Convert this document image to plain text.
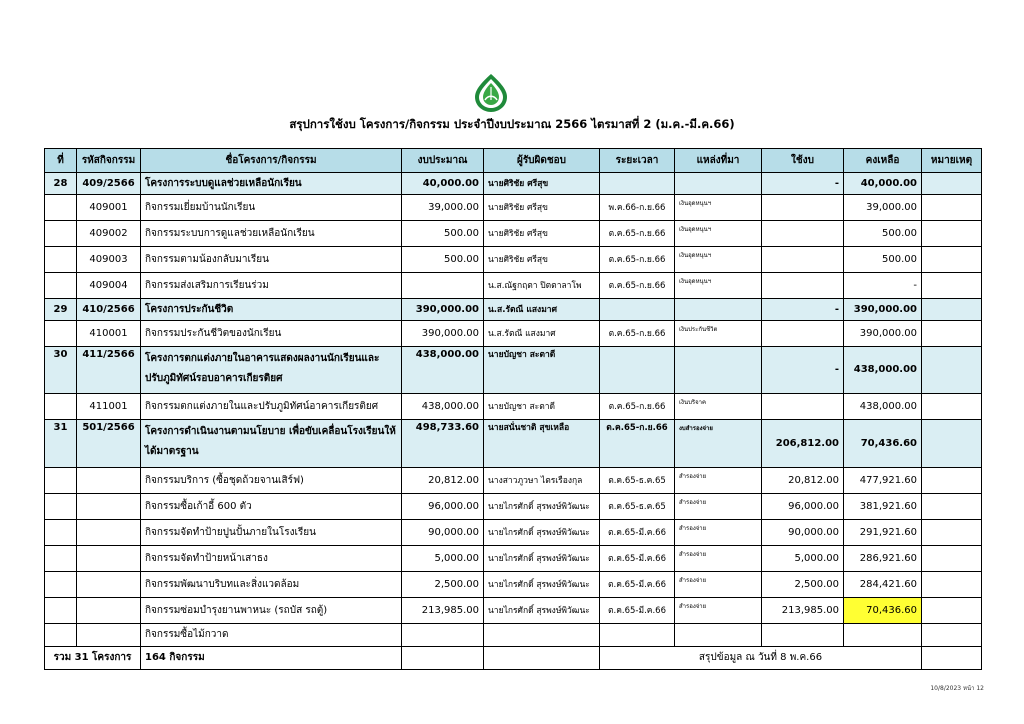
สรุปการใช้งบ โครงการ/กิจกรรม ประจำปีงบประมาณ 2566 ไตรมาสที่ 2 (ม.ค.-มี.ค.66)
ที่	รหัสกิจกรรม	ชื่อโครงการ/กิจกรรม	งบประมาณ	ผู้รับผิดชอบ	ระยะเวลา	แหล่งที่มา	ใช้งบ	คงเหลือ	หมายเหตุ
28	409/2566	โครงการระบบดูแลช่วยเหลือนักเรียน	40,000.00	นายศิริชัย ศรีสุข			-	40,000.00	
	409001	กิจกรรมเยี่ยมบ้านนักเรียน	39,000.00	นายศิริชัย ศรีสุข	พ.ค.66-ก.ย.66	เงินอุดหนุนฯ		39,000.00	
	409002	กิจกรรมระบบการดูแลช่วยเหลือนักเรียน	500.00	นายศิริชัย ศรีสุข	ต.ค.65-ก.ย.66	เงินอุดหนุนฯ		500.00	
	409003	กิจกรรมตามน้องกลับมาเรียน	500.00	นายศิริชัย ศรีสุข	ต.ค.65-ก.ย.66	เงินอุดหนุนฯ		500.00	
	409004	กิจกรรมส่งเสริมการเรียนร่วม		น.ส.ณัฐกฤตา ปิตตาลาโพ	ต.ค.65-ก.ย.66	เงินอุดหนุนฯ		-	
29	410/2566	โครงการประกันชีวิต	390,000.00	น.ส.รัตณี แสงมาศ			-	390,000.00	
	410001	กิจกรรมประกันชีวิตของนักเรียน	390,000.00	น.ส.รัตณี แสงมาศ	ต.ค.65-ก.ย.66	เงินประกันชีวิต		390,000.00	
30	411/2566	โครงการตกแต่งภายในอาคารแสดงผลงานนักเรียนและปรับภูมิทัศน์รอบอาคารเกียรติยศ	438,000.00	นายบัญชา สะตาดี			-	438,000.00	
	411001	กิจกรรมตกแต่งภายในและปรับภูมิทัศน์อาคารเกียรติยศ	438,000.00	นายบัญชา สะตาดี	ต.ค.65-ก.ย.66	เงินบริจาค		438,000.00	
31	501/2566	โครงการดำเนินงานตามนโยบาย เพื่อขับเคลื่อนโรงเรียนให้ได้มาตรฐาน	498,733.60	นายสนั่นชาติ สุขเหลือ	ต.ค.65-ก.ย.66	งบสำรองจ่าย	206,812.00	70,436.60	
		กิจกรรมบริการ (ซื้อชุดถ้วยจานเสิร์ฟ)	20,812.00	นางสาวภูวษา ไตรเรืองกุล	ต.ค.65-ธ.ค.65	สำรองจ่าย	20,812.00	477,921.60	
		กิจกรรมซื้อเก้าอี้ 600 ตัว	96,000.00	นายไกรศักดิ์ สุรพงษ์พิวัฒนะ	ต.ค.65-ธ.ค.65	สำรองจ่าย	96,000.00	381,921.60	
		กิจกรรมจัดทำป้ายปูนปั้นภายในโรงเรียน	90,000.00	นายไกรศักดิ์ สุรพงษ์พิวัฒนะ	ต.ค.65-มี.ค.66	สำรองจ่าย	90,000.00	291,921.60	
		กิจกรรมจัดทำป้ายหน้าเสาธง	5,000.00	นายไกรศักดิ์ สุรพงษ์พิวัฒนะ	ต.ค.65-มี.ค.66	สำรองจ่าย	5,000.00	286,921.60	
		กิจกรรมพัฒนาบริบทและสิ่งแวดล้อม	2,500.00	นายไกรศักดิ์ สุรพงษ์พิวัฒนะ	ต.ค.65-มี.ค.66	สำรองจ่าย	2,500.00	284,421.60	
		กิจกรรมซ่อมบำรุงยานพาหนะ (รถบัส รถตู้)	213,985.00	นายไกรศักดิ์ สุรพงษ์พิวัฒนะ	ต.ค.65-มี.ค.66	สำรองจ่าย	213,985.00	70,436.60	
		กิจกรรมซื้อไม้กวาด							
รวม 31 โครงการ		164 กิจกรรม			สรุปข้อมูล ณ วันที่ 8 พ.ค.66				
10/8/2023 หน้า 12
